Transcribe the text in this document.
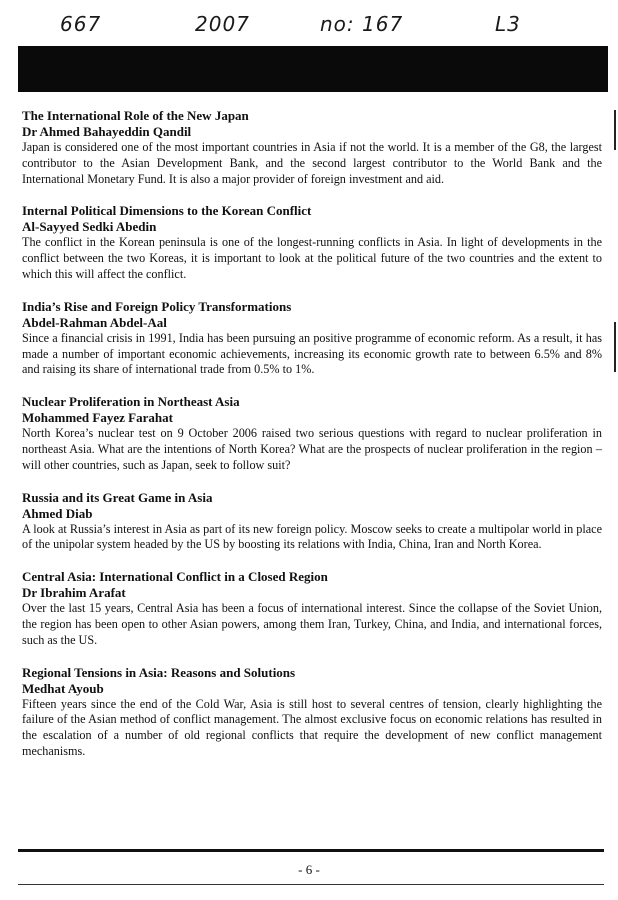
667	2007	no: 167	L3
The International Role of the New Japan
Dr Ahmed Bahayeddin Qandil

Japan is considered one of the most important countries in Asia if not the world. It is a member of the G8, the largest contributor to the Asian Development Bank, and the second largest contributor to the World Bank and the International Monetary Fund. It is also a major provider of foreign investment and aid.

Internal Political Dimensions to the Korean Conflict
Al-Sayyed Sedki Abedin

The conflict in the Korean peninsula is one of the longest-running conflicts in Asia. In light of developments in the conflict between the two Koreas, it is important to look at the political future of the two countries and the extent to which this will affect the conflict.

India’s Rise and Foreign Policy Transformations
Abdel-Rahman Abdel-Aal

Since a financial crisis in 1991, India has been pursuing an positive programme of economic reform. As a result, it has made a number of important economic achievements, increasing its economic growth rate to between 6.5% and 8% and raising its share of international trade from 0.5% to 1%.

Nuclear Proliferation in Northeast Asia
Mohammed Fayez Farahat

North Korea’s nuclear test on 9 October 2006 raised two serious questions with regard to nuclear proliferation in northeast Asia. What are the intentions of North Korea? What are the prospects of nuclear proliferation in the region – will other countries, such as Japan, seek to follow suit?

Russia and its Great Game in Asia
Ahmed Diab

A look at Russia’s interest in Asia as part of its new foreign policy. Moscow seeks to create a multipolar world in place of the unipolar system headed by the US by boosting its relations with India, China, Iran and North Korea.

Central Asia: International Conflict in a Closed Region
Dr Ibrahim Arafat

Over the last 15 years, Central Asia has been a focus of international interest. Since the collapse of the Soviet Union, the region has been open to other Asian powers, among them Iran, Turkey, China, and India, and international forces, such as the US.

Regional Tensions in Asia: Reasons and Solutions
Medhat Ayoub

Fifteen years since the end of the Cold War, Asia is still host to several centres of tension, clearly highlighting the failure of the Asian method of conflict management. The almost exclusive focus on economic relations has resulted in the escalation of a number of old regional conflicts that require the development of new conflict management mechanisms.

- 6 -
